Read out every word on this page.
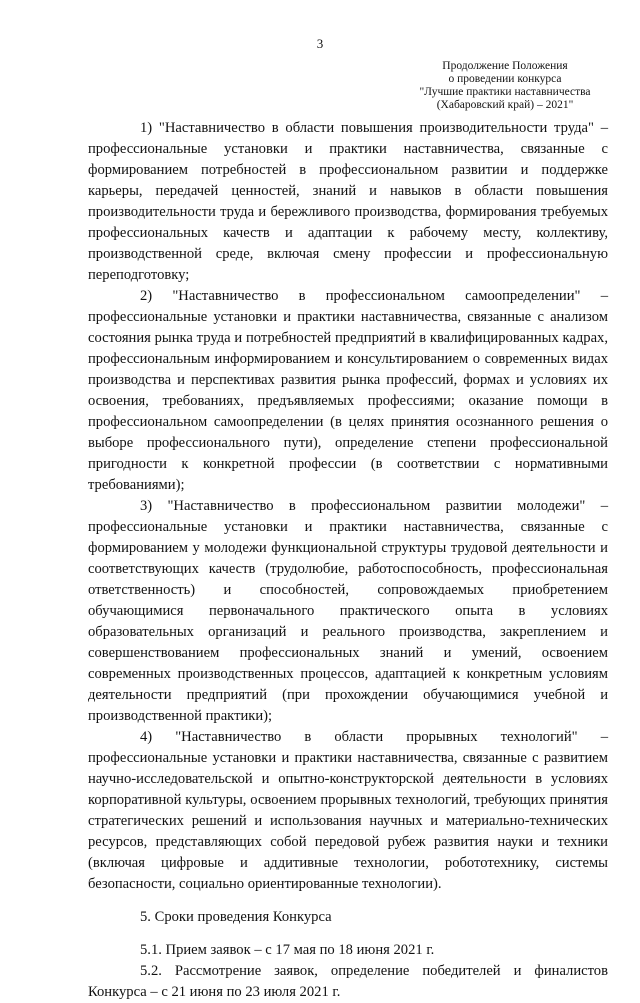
3
Продолжение Положения
о проведении конкурса
"Лучшие практики наставничества
(Хабаровский край) – 2021"

1) "Наставничество в области повышения производительности труда" – профессиональные установки и практики наставничества, связанные с формированием потребностей в профессиональном развитии и поддержке карьеры, передачей ценностей, знаний и навыков в области повышения производительности труда и бережливого производства, формирования требуемых профессиональных качеств и адаптации к рабочему месту, коллективу, производственной среде, включая смену профессии и профессиональную переподготовку;

2) "Наставничество в профессиональном самоопределении" – профессиональные установки и практики наставничества, связанные с анализом состояния рынка труда и потребностей предприятий в квалифицированных кадрах, профессиональным информированием и консультированием о современных видах производства и перспективах развития рынка профессий, формах и условиях их освоения, требованиях, предъявляемых профессиями; оказание помощи в профессиональном самоопределении (в целях принятия осознанного решения о выборе профессионального пути), определение степени профессиональной пригодности к конкретной профессии (в соответствии с нормативными требованиями);

3) "Наставничество в профессиональном развитии молодежи" – профессиональные установки и практики наставничества, связанные с формированием у молодежи функциональной структуры трудовой деятельности и соответствующих качеств (трудолюбие, работоспособность, профессиональная ответственность) и способностей, сопровождаемых приобретением обучающимися первоначального практического опыта в условиях образовательных организаций и реального производства, закреплением и совершенствованием профессиональных знаний и умений, освоением современных производственных процессов, адаптацией к конкретным условиям деятельности предприятий (при прохождении обучающимися учебной и производственной практики);

4) "Наставничество в области прорывных технологий" – профессиональные установки и практики наставничества, связанные с развитием научно-исследовательской и опытно-конструкторской деятельности в условиях корпоративной культуры, освоением прорывных технологий, требующих принятия стратегических решений и использования научных и материально-технических ресурсов, представляющих собой передовой рубеж развития науки и техники (включая цифровые и аддитивные технологии, робототехнику, системы безопасности, социально ориентированные технологии).

5. Сроки проведения Конкурса

5.1. Прием заявок – с 17 мая по 18 июня 2021 г.

5.2. Рассмотрение заявок, определение победителей и финалистов Конкурса – с 21 июня по 23 июля 2021 г.
